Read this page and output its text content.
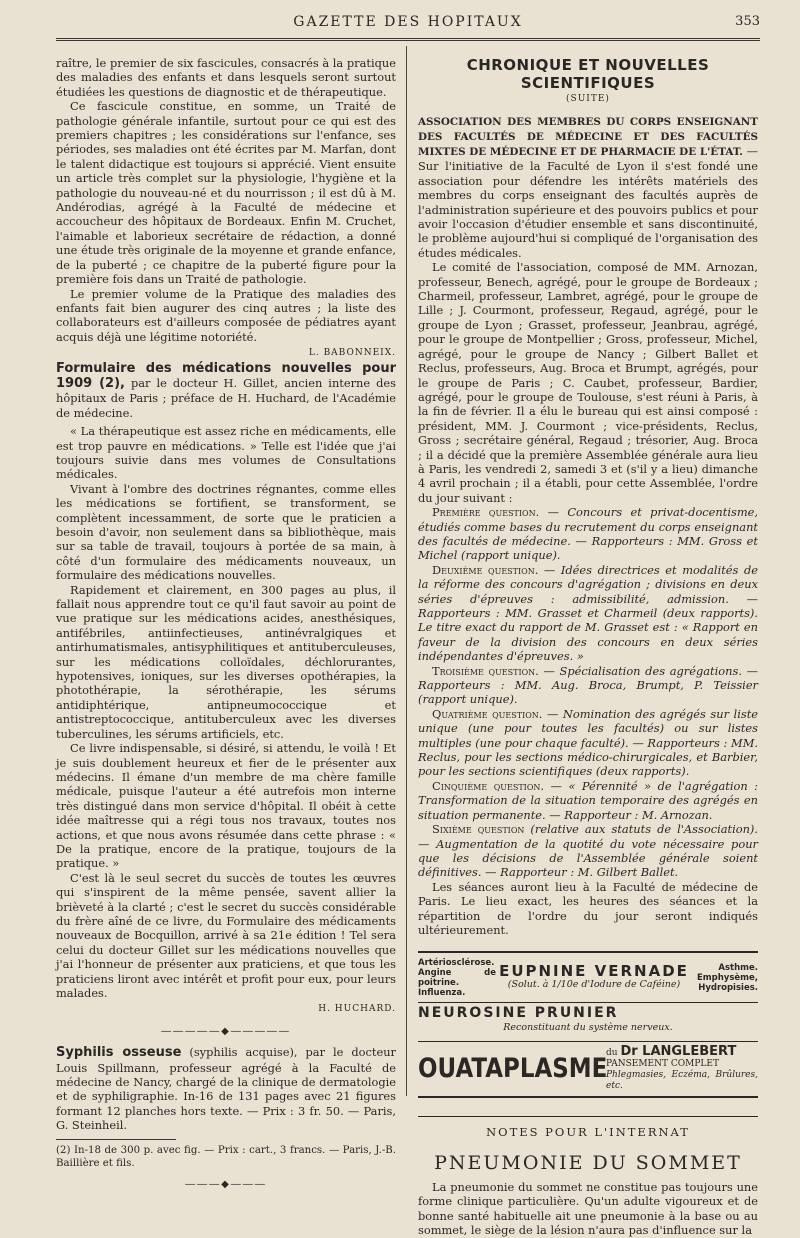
GAZETTE DES HOPITAUX	353

raître, le premier de six fascicules, consacrés à la pratique des maladies des enfants et dans lesquels seront surtout étudiées les questions de diagnostic et de thérapeutique.

Ce fascicule constitue, en somme, un Traité de pathologie générale infantile, surtout pour ce qui est des premiers chapitres ; les considérations sur l'enfance, ses périodes, ses maladies ont été écrites par M. Marfan, dont le talent didactique est toujours si apprécié. Vient ensuite un article très complet sur la physiologie, l'hygiène et la pathologie du nouveau-né et du nourrisson ; il est dû à M. Andérodias, agrégé à la Faculté de médecine et accoucheur des hôpitaux de Bordeaux. Enfin M. Cruchet, l'aimable et laborieux secrétaire de rédaction, a donné une étude très originale de la moyenne et grande enfance, de la puberté ; ce chapitre de la puberté figure pour la première fois dans un Traité de pathologie.

Le premier volume de la Pratique des maladies des enfants fait bien augurer des cinq autres ; la liste des collaborateurs est d'ailleurs composée de pédiatres ayant acquis déjà une légitime notoriété.

L. BABONNEIX.
Formulaire des médications nouvelles pour 1909 (2), par le docteur H. Gillet, ancien interne des hôpitaux de Paris ; préface de H. Huchard, de l'Académie de médecine.

« La thérapeutique est assez riche en médicaments, elle est trop pauvre en médications. » Telle est l'idée que j'ai toujours suivie dans mes volumes de Consultations médicales.

Vivant à l'ombre des doctrines régnantes, comme elles les médications se fortifient, se transforment, se complètent incessamment, de sorte que le praticien a besoin d'avoir, non seulement dans sa bibliothèque, mais sur sa table de travail, toujours à portée de sa main, à côté d'un formulaire des médicaments nouveaux, un formulaire des médications nouvelles.

Rapidement et clairement, en 300 pages au plus, il fallait nous apprendre tout ce qu'il faut savoir au point de vue pratique sur les médications acides, anesthésiques, antifébriles, antiinfectieuses, antinévralgiques et antirhumatismales, antisyphilitiques et antituberculeuses, sur les médications colloïdales, déchlorurantes, hypotensives, ioniques, sur les diverses opothérapies, la photothérapie, la sérothérapie, les sérums antidiphtérique, antipneumococcique et antistreptococcique, antituberculeux avec les diverses tuberculines, les sérums artificiels, etc.

Ce livre indispensable, si désiré, si attendu, le voilà ! Et je suis doublement heureux et fier de le présenter aux médecins. Il émane d'un membre de ma chère famille médicale, puisque l'auteur a été autrefois mon interne très distingué dans mon service d'hôpital. Il obéit à cette idée maîtresse qui a régi tous nos travaux, toutes nos actions, et que nous avons résumée dans cette phrase : « De la pratique, encore de la pratique, toujours de la pratique. »

C'est là le seul secret du succès de toutes les œuvres qui s'inspirent de la même pensée, savent allier la brièveté à la clarté ; c'est le secret du succès considérable du frère aîné de ce livre, du Formulaire des médicaments nouveaux de Bocquillon, arrivé à sa 21e édition ! Tel sera celui du docteur Gillet sur les médications nouvelles que j'ai l'honneur de présenter aux praticiens, et que tous les praticiens liront avec intérêt et profit pour eux, pour leurs malades.

H. HUCHARD.
―――――◆―――――
Syphilis osseuse (syphilis acquise), par le docteur Louis Spillmann, professeur agrégé à la Faculté de médecine de Nancy, chargé de la clinique de dermatologie et de syphiligraphie. In-16 de 131 pages avec 21 figures formant 12 planches hors texte. — Prix : 3 fr. 50. — Paris, G. Steinheil.
(2) In-18 de 300 p. avec fig. — Prix : cart., 3 francs. — Paris, J.-B. Baillière et fils.
―――◆―――
CHRONIQUE ET NOUVELLES SCIENTIFIQUES
(SUITE)
ASSOCIATION DES MEMBRES DU CORPS ENSEIGNANT DES FACULTÉS DE MÉDECINE ET DES FACULTÉS MIXTES DE MÉDECINE ET DE PHARMACIE DE L'ÉTAT. — Sur l'initiative de la Faculté de Lyon il s'est fondé une association pour défendre les intérêts matériels des membres du corps enseignant des facultés auprès de l'administration supérieure et des pouvoirs publics et pour avoir l'occasion d'étudier ensemble et sans discontinuité, le problème aujourd'hui si compliqué de l'organisation des études médicales.

Le comité de l'association, composé de MM. Arnozan, professeur, Benech, agrégé, pour le groupe de Bordeaux ; Charmeil, professeur, Lambret, agrégé, pour le groupe de Lille ; J. Courmont, professeur, Regaud, agrégé, pour le groupe de Lyon ; Grasset, professeur, Jeanbrau, agrégé, pour le groupe de Montpellier ; Gross, professeur, Michel, agrégé, pour le groupe de Nancy ; Gilbert Ballet et Reclus, professeurs, Aug. Broca et Brumpt, agrégés, pour le groupe de Paris ; C. Caubet, professeur, Bardier, agrégé, pour le groupe de Toulouse, s'est réuni à Paris, à la fin de février. Il a élu le bureau qui est ainsi composé : président, MM. J. Courmont ; vice-présidents, Reclus, Gross ; secrétaire général, Regaud ; trésorier, Aug. Broca ; il a décidé que la première Assemblée générale aura lieu à Paris, les vendredi 2, samedi 3 et (s'il y a lieu) dimanche 4 avril prochain ; il a établi, pour cette Assemblée, l'ordre du jour suivant :

Première question. — Concours et privat-docentisme, étudiés comme bases du recrutement du corps enseignant des facultés de médecine. — Rapporteurs : MM. Gross et Michel (rapport unique).

Deuxième question. — Idées directrices et modalités de la réforme des concours d'agrégation ; divisions en deux séries d'épreuves : admissibilité, admission. — Rapporteurs : MM. Grasset et Charmeil (deux rapports). Le titre exact du rapport de M. Grasset est : « Rapport en faveur de la division des concours en deux séries indépendantes d'épreuves. »

Troisième question. — Spécialisation des agrégations. — Rapporteurs : MM. Aug. Broca, Brumpt, P. Teissier (rapport unique).

Quatrième question. — Nomination des agrégés sur liste unique (une pour toutes les facultés) ou sur listes multiples (une pour chaque faculté). — Rapporteurs : MM. Reclus, pour les sections médico-chirurgicales, et Barbier, pour les sections scientifiques (deux rapports).

Cinquième question. — « Pérennité » de l'agrégation : Transformation de la situation temporaire des agrégés en situation permanente. — Rapporteur : M. Arnozan.

Sixième question (relative aux statuts de l'Association). — Augmentation de la quotité du vote nécessaire pour que les décisions de l'Assemblée générale soient définitives. — Rapporteur : M. Gilbert Ballet.

Les séances auront lieu à la Faculté de médecine de Paris. Le lieu exact, les heures des séances et la répartition de l'ordre du jour seront indiqués ultérieurement.

Artériosclérose. Angine de poitrine. Influenza.
EUPNINE VERNADE
(Solut. à 1/10e d'Iodure de Caféine)
Asthme. Emphysème, Hydropisies.
NEUROSINE PRUNIER
Reconstituant du système nerveux.
OUATAPLASME
du Dr LANGLEBERT
PANSEMENT COMPLET
Phlegmasies, Eczéma, Brûlures, etc.
NOTES POUR L'INTERNAT
PNEUMONIE DU SOMMET

La pneumonie du sommet ne constitue pas toujours une forme clinique particulière. Qu'un adulte vigoureux et de bonne santé habituelle ait une pneumonie à la base ou au sommet, le siège de la lésion n'aura pas d'influence sur la
